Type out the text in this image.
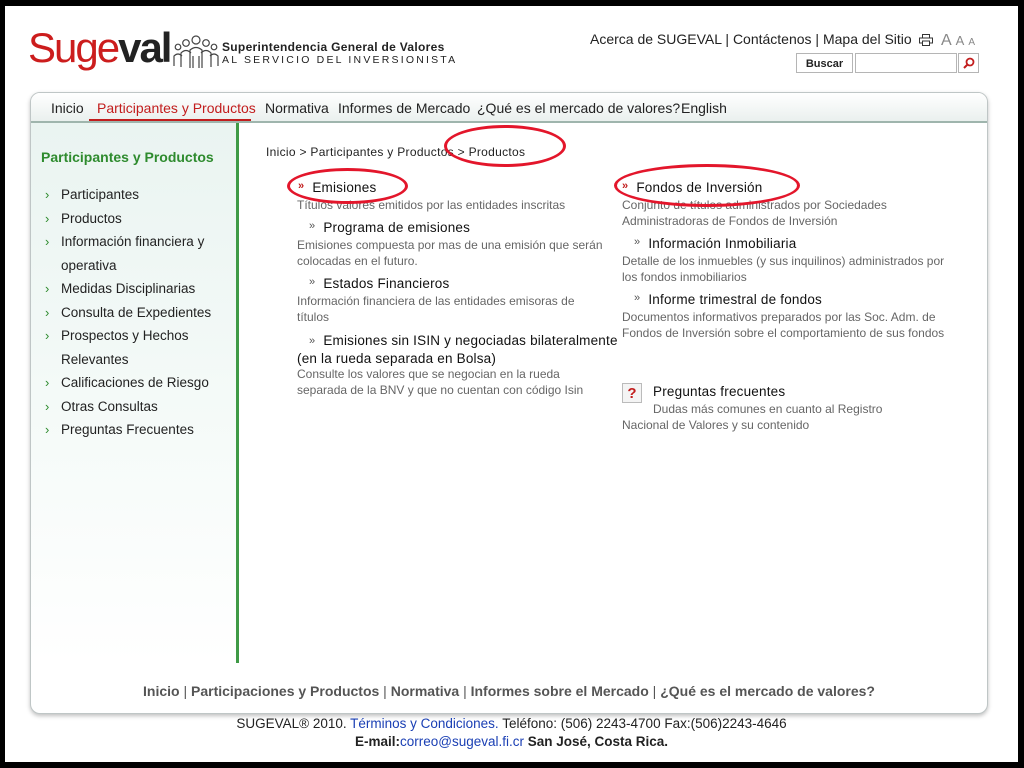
Sugeval	Superintendencia General de Valores
AL SERVICIO DEL INVERSIONISTA
Acerca de SUGEVAL | Contáctenos | Mapa del Sitio	A A A
Buscar
Inicio Participantes y Productos Normativa Informes de Mercado ¿Qué es el mercado de valores? English
Participantes y Productos
› Participantes
› Productos
› Información financiera y operativa
› Medidas Disciplinarias
› Consulta de Expedientes
› Prospectos y Hechos Relevantes
› Calificaciones de Riesgo
› Otras Consultas
› Preguntas Frecuentes
Inicio > Participantes y Productos > Productos
» Emisiones
Títulos valores emitidos por las entidades inscritas
» Programa de emisiones
Emisiones compuesta por mas de una emisión que serán colocadas en el futuro.
» Estados Financieros
Información financiera de las entidades emisoras de títulos
» Emisiones sin ISIN y negociadas bilateralmente (en la rueda separada en Bolsa)
Consulte los valores que se negocian en la rueda separada de la BNV y que no cuentan con código Isin
» Fondos de Inversión
Conjunto de títulos administrados por Sociedades Administradoras de Fondos de Inversión
» Información Inmobiliaria
Detalle de los inmuebles (y sus inquilinos) administrados por los fondos inmobiliarios
» Informe trimestral de fondos
Documentos informativos preparados por las Soc. Adm. de Fondos de Inversión sobre el comportamiento de sus fondos
?	Preguntas frecuentes
Dudas más comunes en cuanto al Registro
Nacional de Valores y su contenido
Inicio | Participaciones y Productos | Normativa | Informes sobre el Mercado | ¿Qué es el mercado de valores?
SUGEVAL® 2010. Términos y Condiciones. Teléfono: (506) 2243-4700 Fax:(506)2243-4646
E-mail:correo@sugeval.fi.cr San José, Costa Rica.
